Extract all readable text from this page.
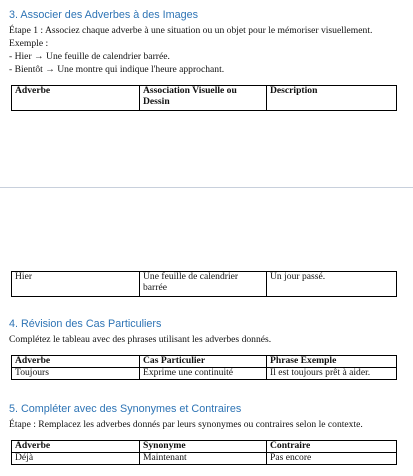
3. Associer des Adverbes à des Images
Étape 1 : Associez chaque adverbe à une situation ou un objet pour le mémoriser visuellement.
Exemple :
- Hier → Une feuille de calendrier barrée.
- Bientôt → Une montre qui indique l'heure approchant.
Adverbe	Association Visuelle ou Dessin	Description
Hier	Une feuille de calendrier barrée	Un jour passé.
4. Révision des Cas Particuliers
Complétez le tableau avec des phrases utilisant les adverbes donnés.
Adverbe	Cas Particulier	Phrase Exemple
Toujours	Exprime une continuité	Il est toujours prêt à aider.
5. Compléter avec des Synonymes et Contraires
Étape : Remplacez les adverbes donnés par leurs synonymes ou contraires selon le contexte.
Adverbe	Synonyme	Contraire
Déjà	Maintenant	Pas encore
